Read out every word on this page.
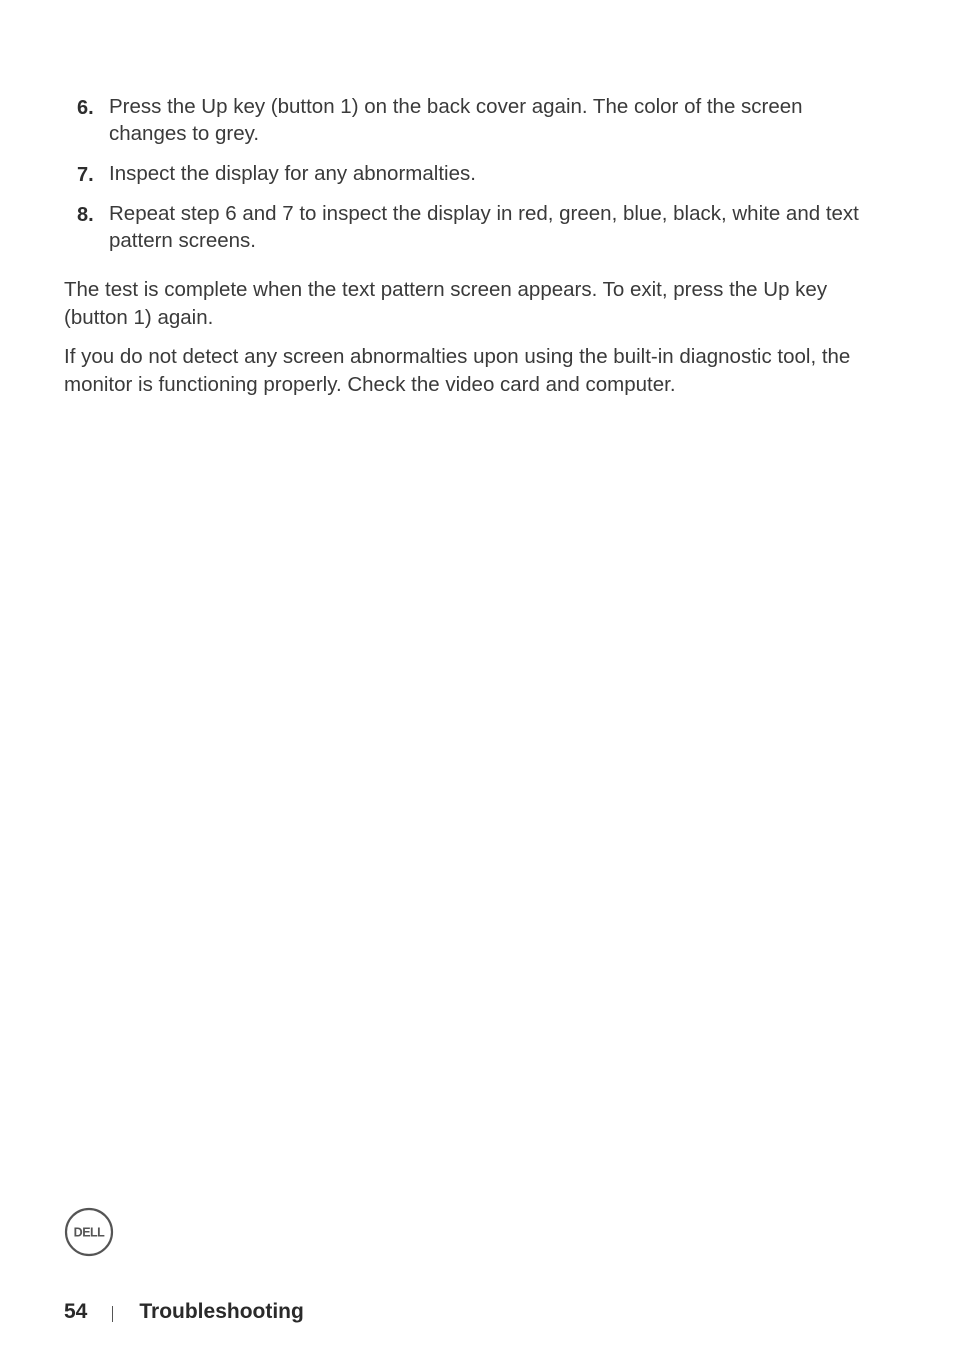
6. Press the Up key (button 1) on the back cover again. The color of the screen changes to grey.
7. Inspect the display for any abnormalties.
8. Repeat step 6 and 7 to inspect the display in red, green, blue, black, white and text pattern screens.

The test is complete when the text pattern screen appears. To exit, press the Up key (button 1) again.

If you do not detect any screen abnormalties upon using the built-in diagnostic tool, the monitor is functioning properly. Check the video card and computer.

DELL
54 Troubleshooting
